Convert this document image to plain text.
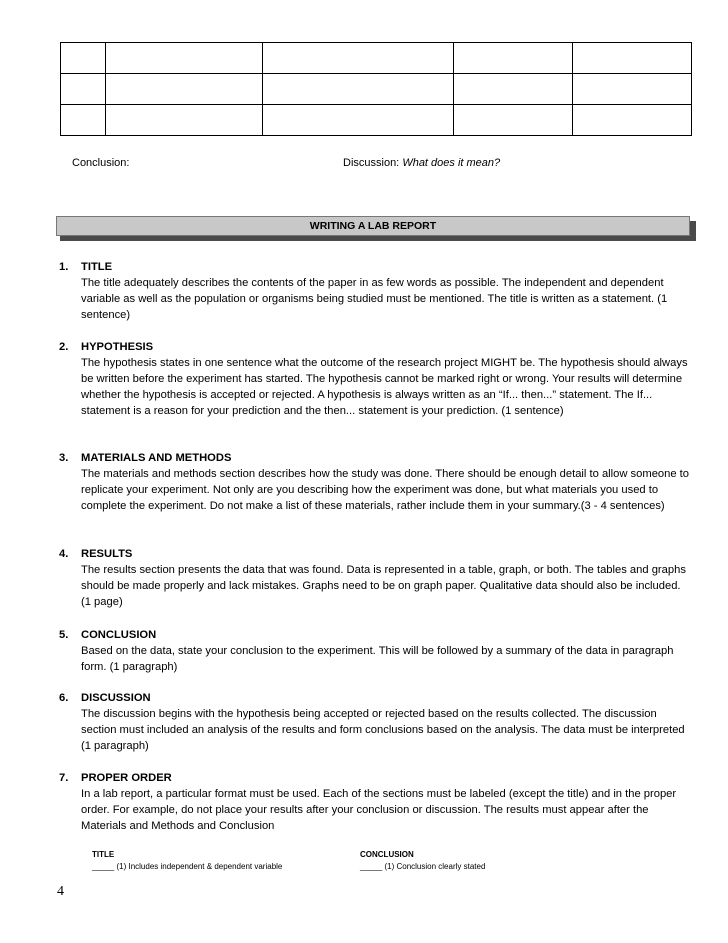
Conclusion:	Discussion: What does it mean?
WRITING A LAB REPORT
1. TITLE
The title adequately describes the contents of the paper in as few words as possible. The independent and dependent variable as well as the population or organisms being studied must be mentioned. The title is written as a statement. (1 sentence)
2. HYPOTHESIS
The hypothesis states in one sentence what the outcome of the research project MIGHT be. The hypothesis should always be written before the experiment has started. The hypothesis cannot be marked right or wrong. Your results will determine whether the hypothesis is accepted or rejected. A hypothesis is always written as an “If... then...” statement. The If... statement is a reason for your prediction and the then... statement is your prediction. (1 sentence)
3. MATERIALS AND METHODS
The materials and methods section describes how the study was done. There should be enough detail to allow someone to replicate your experiment. Not only are you describing how the experiment was done, but what materials you used to complete the experiment. Do not make a list of these materials, rather include them in your summary.(3 - 4 sentences)
4. RESULTS
The results section presents the data that was found. Data is represented in a table, graph, or both. The tables and graphs should be made properly and lack mistakes. Graphs need to be on graph paper. Qualitative data should also be included. (1 page)
5. CONCLUSION
Based on the data, state your conclusion to the experiment. This will be followed by a summary of the data in paragraph form. (1 paragraph)
6. DISCUSSION
The discussion begins with the hypothesis being accepted or rejected based on the results collected. The discussion section must included an analysis of the results and form conclusions based on the analysis. The data must be interpreted (1 paragraph)
7. PROPER ORDER
In a lab report, a particular format must be used. Each of the sections must be labeled (except the title) and in the proper order. For example, do not place your results after your conclusion or discussion. The results must appear after the Materials and Methods and Conclusion
TITLE
_____ (1) Includes independent & dependent variable
CONCLUSION
_____ (1) Conclusion clearly stated
4
